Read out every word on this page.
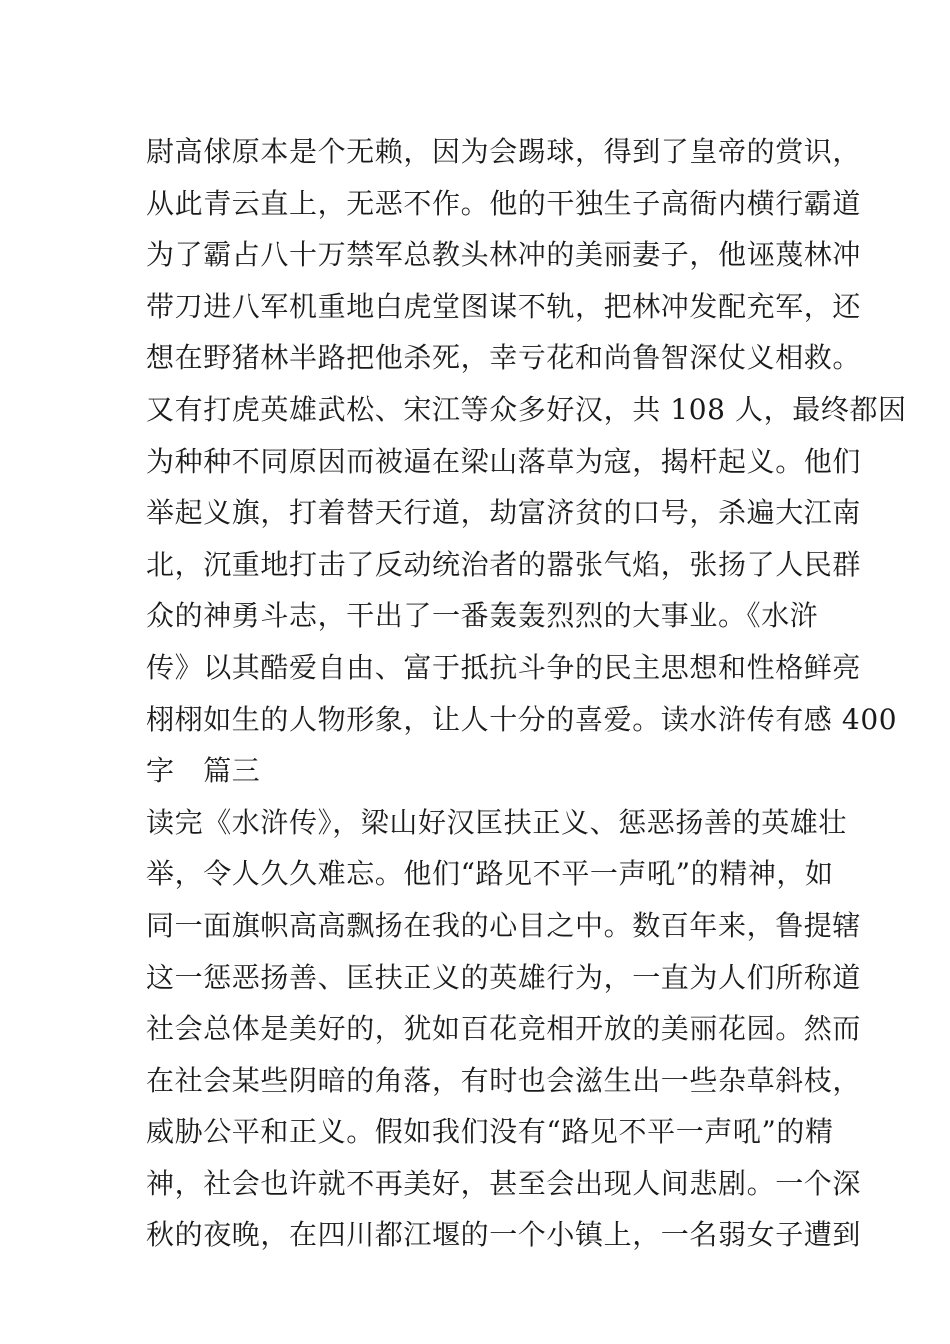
尉高俅原本是个无赖，因为会踢球，得到了皇帝的赏识，
从此青云直上，无恶不作。他的干独生子高衙内横行霸道
为了霸占八十万禁军总教头林冲的美丽妻子，他诬蔑林冲
带刀进八军机重地白虎堂图谋不轨，把林冲发配充军，还
想在野猪林半路把他杀死，幸亏花和尚鲁智深仗义相救。
又有打虎英雄武松、宋江等众多好汉，共 108 人，最终都因
为种种不同原因而被逼在梁山落草为寇，揭杆起义。他们
举起义旗，打着替天行道，劫富济贫的口号，杀遍大江南
北，沉重地打击了反动统治者的嚣张气焰，张扬了人民群
众的神勇斗志，干出了一番轰轰烈烈的大事业。《水浒
传》以其酷爱自由、富于抵抗斗争的民主思想和性格鲜亮
栩栩如生的人物形象，让人十分的喜爱。读水浒传有感 400
字　篇三
读完《水浒传》，梁山好汉匡扶正义、惩恶扬善的英雄壮
举，令人久久难忘。他们“路见不平一声吼”的精神，如
同一面旗帜高高飘扬在我的心目之中。数百年来，鲁提辖
这一惩恶扬善、匡扶正义的英雄行为，一直为人们所称道
社会总体是美好的，犹如百花竞相开放的美丽花园。然而
在社会某些阴暗的角落，有时也会滋生出一些杂草斜枝，
威胁公平和正义。假如我们没有“路见不平一声吼”的精
神，社会也许就不再美好，甚至会出现人间悲剧。一个深
秋的夜晚，在四川都江堰的一个小镇上，一名弱女子遭到
